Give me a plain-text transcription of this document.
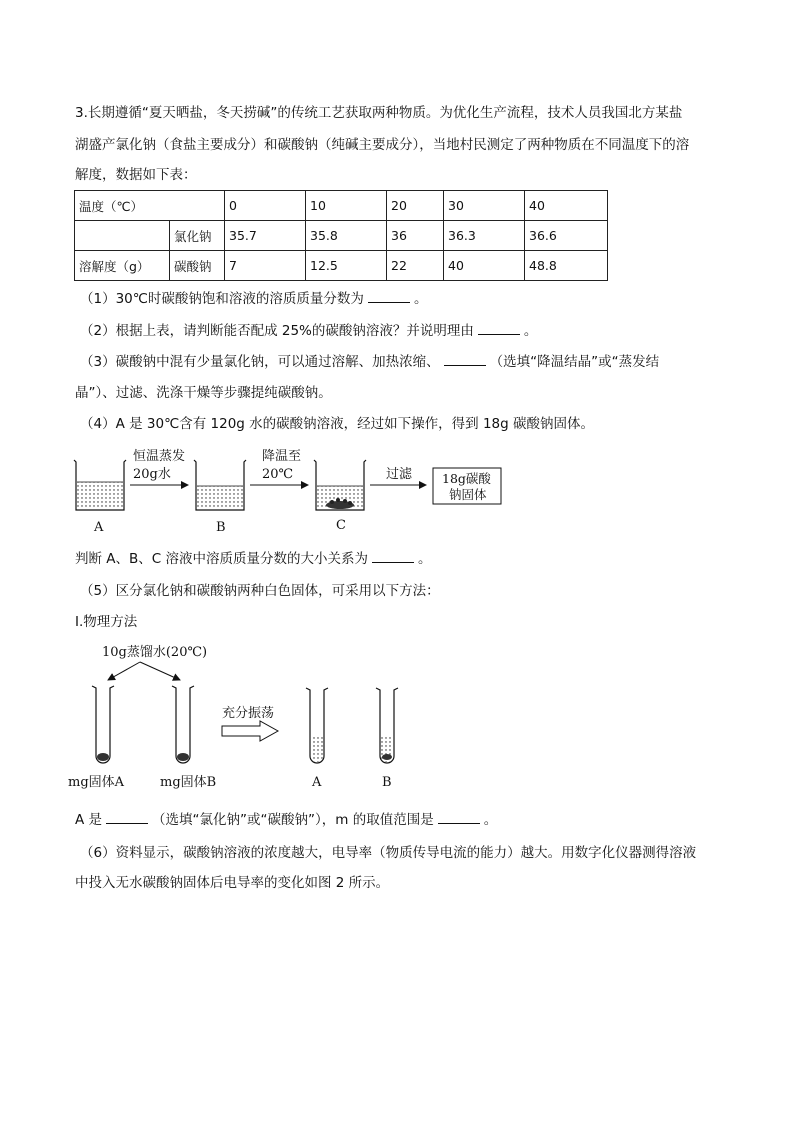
3.长期遵循“夏天晒盐，冬天捞碱”的传统工艺获取两种物质。为优化生产流程，技术人员我国北方某盐
湖盛产氯化钠（食盐主要成分）和碳酸钠（纯碱主要成分），当地村民测定了两种物质在不同温度下的溶
解度，数据如下表：
温度（℃）		0	10	20	30	40
	氯化钠	35.7	35.8	36	36.3	36.6
溶解度（g）	碳酸钠	7	12.5	22	40	48.8
（1）30℃时碳酸钠饱和溶液的溶质质量分数为	。
（2）根据上表，请判断能否配成 25%的碳酸钠溶液？并说明理由	。
（3）碳酸钠中混有少量氯化钠，可以通过溶解、加热浓缩、	（选填“降温结晶”或“蒸发结
晶”）、过滤、洗涤干燥等步骤提纯碳酸钠。
（4）A 是 30℃含有 120g 水的碳酸钠溶液，经过如下操作，得到 18g 碳酸钠固体。
A
恒温蒸发
20g水
B
降温至
20℃
C
过滤 18g碳酸
钠固体
判断 A、B、C 溶液中溶质质量分数的大小关系为	。
（5）区分氯化钠和碳酸钠两种白色固体，可采用以下方法：
Ⅰ.物理方法
10g蒸馏水(20℃)
mg固体A	mg固体B
充分振荡
A	B
A 是	（选填“氯化钠”或“碳酸钠”），m 的取值范围是	。
（6）资料显示，碳酸钠溶液的浓度越大，电导率（物质传导电流的能力）越大。用数字化仪器测得溶液
中投入无水碳酸钠固体后电导率的变化如图 2 所示。
